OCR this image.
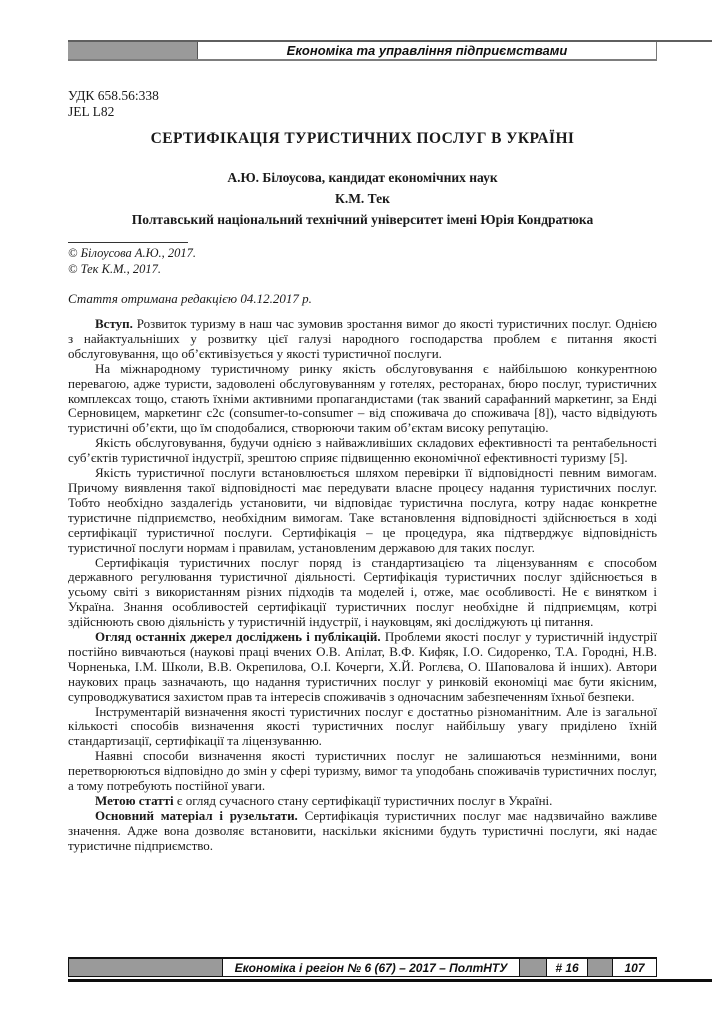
Економіка та управління підприємствами
УДК 658.56:338
JEL L82
СЕРТИФІКАЦІЯ ТУРИСТИЧНИХ ПОСЛУГ В УКРАЇНІ
А.Ю. Білоусова, кандидат економічних наук
К.М. Тек
Полтавський національний технічний університет імені Юрія Кондратюка
© Білоусова А.Ю., 2017.
© Тек К.М., 2017.
Стаття отримана редакцією 04.12.2017 р.

Вступ. Розвиток туризму в наш час зумовив зростання вимог до якості туристичних послуг. Однією з найактуальніших у розвитку цієї галузі народного господарства проблем є питання якості обслуговування, що об’єктивізується у якості туристичної послуги.

На міжнародному туристичному ринку якість обслуговування є найбільшою конкурентною перевагою, адже туристи, задоволені обслуговуванням у готелях, ресторанах, бюро послуг, туристичних комплексах тощо, стають їхніми активними пропагандистами (так званий сарафанний маркетинг, за Енді Серновицем, маркетинг с2с (consumer-to-consumer – від споживача до споживача [8]), часто відвідують туристичні об’єкти, що їм сподобалися, створюючи таким об’єктам високу репутацію.

Якість обслуговування, будучи однією з найважливіших складових ефективності та рентабельності суб’єктів туристичної індустрії, зрештою сприяє підвищенню економічної ефективності туризму [5].

Якість туристичної послуги встановлюється шляхом перевірки її відповідності певним вимогам. Причому виявлення такої відповідності має передувати власне процесу надання туристичних послуг. Тобто необхідно заздалегідь установити, чи відповідає туристична послуга, котру надає конкретне туристичне підприємство, необхідним вимогам. Таке встановлення відповідності здійснюється в ході сертифікації туристичної послуги. Сертифікація – це процедура, яка підтверджує відповідність туристичної послуги нормам і правилам, установленим державою для таких послуг.

Сертифікація туристичних послуг поряд із стандартизацією та ліцензуванням є способом державного регулювання туристичної діяльності. Сертифікація туристичних послуг здійснюється в усьому світі з використанням різних підходів та моделей і, отже, має особливості. Не є винятком і Україна. Знання особливостей сертифікації туристичних послуг необхідне й підприємцям, котрі здійснюють свою діяльність у туристичній індустрії, і науковцям, які досліджують ці питання.

Огляд останніх джерел досліджень і публікацій. Проблеми якості послуг у туристичній індустрії постійно вивчаються (наукові праці вчених О.В. Апілат, В.Ф. Кифяк, І.О. Сидоренко, Т.А. Городні, Н.В. Чорненька, І.М. Школи, В.В. Окрепилова, О.І. Кочерги, Х.Й. Роглєва, О. Шаповалова й інших). Автори наукових праць зазначають, що надання туристичних послуг у ринковій економіці має бути якісним, супроводжуватися захистом прав та інтересів споживачів з одночасним забезпеченням їхньої безпеки.

Інструментарій визначення якості туристичних послуг є достатньо різноманітним. Але із загальної кількості способів визначення якості туристичних послуг найбільшу увагу приділено їхній стандартизації, сертифікації та ліцензуванню.

Наявні способи визначення якості туристичних послуг не залишаються незмінними, вони перетворюються відповідно до змін у сфері туризму, вимог та уподобань споживачів туристичних послуг, а тому потребують постійної уваги.

Метою статті є огляд сучасного стану сертифікації туристичних послуг в Україні.

Основний матеріал і рузельтати. Сертифікація туристичних послуг має надзвичайно важливе значення. Адже вона дозволяє встановити, наскільки якісними будуть туристичні послуги, які надає туристичне підприємство.

Економіка і регіон № 6 (67) – 2017 – ПолтНТУ	# 16	107
